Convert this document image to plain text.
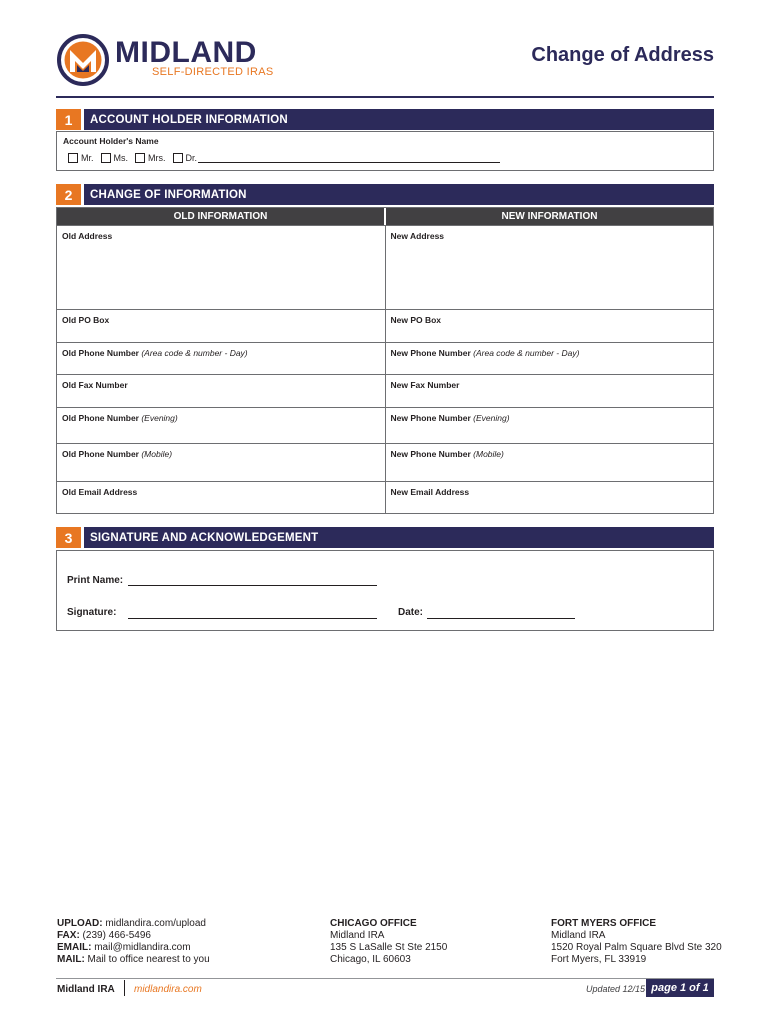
MIDLAND
SELF-DIRECTED IRAS
Change of Address
1	ACCOUNT HOLDER INFORMATION
Account Holder's Name
Mr. Ms. Mrs. Dr.
2	CHANGE OF INFORMATION
OLD INFORMATION	NEW INFORMATION
Old Address	New Address
Old PO Box	New PO Box
Old Phone Number (Area code & number - Day)	New Phone Number (Area code & number - Day)
Old Fax Number	New Fax Number
Old Phone Number (Evening)	New Phone Number (Evening)
Old Phone Number (Mobile)	New Phone Number (Mobile)
Old Email Address	New Email Address
3	SIGNATURE AND ACKNOWLEDGEMENT
Print Name:
Signature:	Date:
UPLOAD: midlandira.com/upload
FAX: (239) 466-5496
EMAIL: mail@midlandira.com
MAIL: Mail to office nearest to you
CHICAGO OFFICE
Midland IRA
135 S LaSalle St Ste 2150
Chicago, IL 60603
FORT MYERS OFFICE
Midland IRA
1520 Royal Palm Square Blvd Ste 320
Fort Myers, FL 33919
Midland IRA midlandira.com	Updated 12/15 page 1 of 1
